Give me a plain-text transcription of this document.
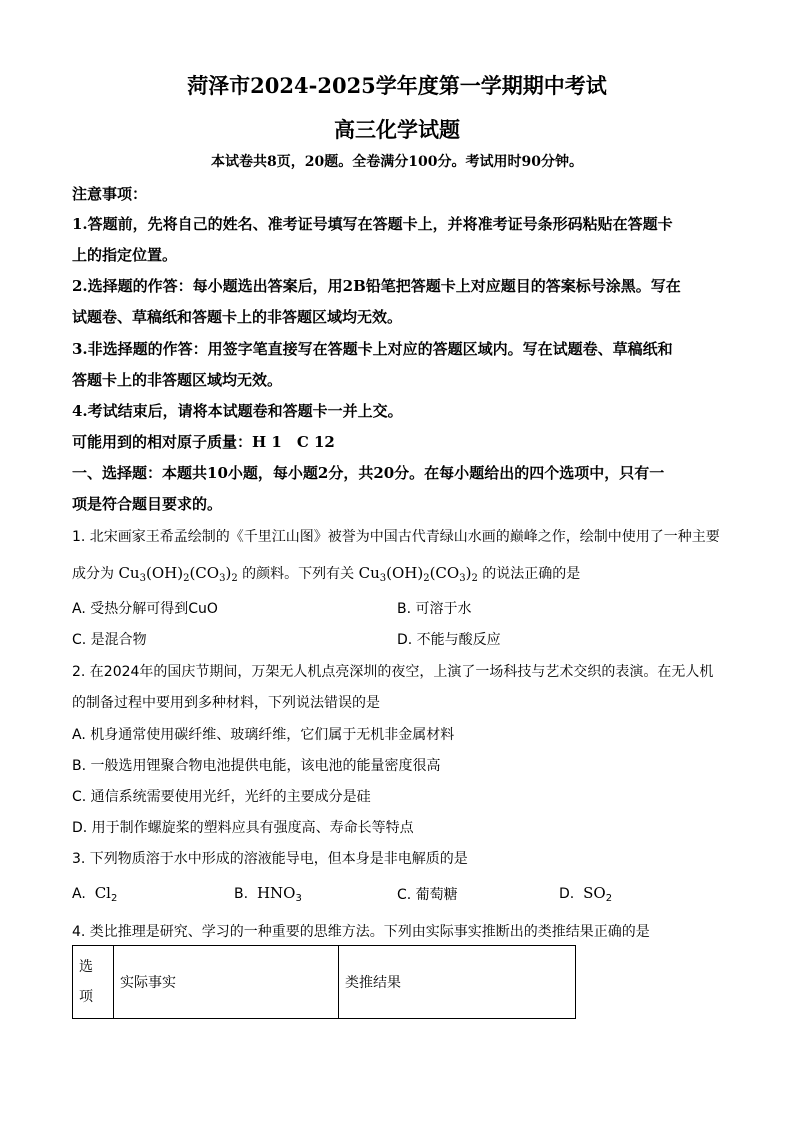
菏泽市2024-2025学年度第一学期期中考试
高三化学试题
本试卷共8页，20题。全卷满分100分。考试用时90分钟。
注意事项：
1.答题前，先将自己的姓名、准考证号填写在答题卡上，并将准考证号条形码粘贴在答题卡
上的指定位置。
2.选择题的作答：每小题选出答案后，用2B铅笔把答题卡上对应题目的答案标号涂黑。写在
试题卷、草稿纸和答题卡上的非答题区域均无效。
3.非选择题的作答：用签字笔直接写在答题卡上对应的答题区域内。写在试题卷、草稿纸和
答题卡上的非答题区域均无效。
4.考试结束后，请将本试题卷和答题卡一并上交。
可能用到的相对原子质量：H 1　C 12
一、选择题：本题共10小题，每小题2分，共20分。在每小题给出的四个选项中，只有一
项是符合题目要求的。
1. 北宋画家王希孟绘制的《千里江山图》被誉为中国古代青绿山水画的巅峰之作，绘制中使用了一种主要
成分为 $Cu_3(OH)_2(CO_3)_2$ 的颜料。下列有关 $Cu_3(OH)_2(CO_3)_2$ 的说法正确的是
A. 受热分解可得到CuO	B. 可溶于水
C. 是混合物	D. 不能与酸反应
2. 在2024年的国庆节期间，万架无人机点亮深圳的夜空，上演了一场科技与艺术交织的表演。在无人机
的制备过程中要用到多种材料，下列说法错误的是
A. 机身通常使用碳纤维、玻璃纤维，它们属于无机非金属材料
B. 一般选用锂聚合物电池提供电能，该电池的能量密度很高
C. 通信系统需要使用光纤，光纤的主要成分是硅
D. 用于制作螺旋桨的塑料应具有强度高、寿命长等特点
3. 下列物质溶于水中形成的溶液能导电，但本身是非电解质的是
A. $Cl_2$	B. $HNO_3$	C. 葡萄糖	D. $SO_2$
4. 类比推理是研究、学习的一种重要的思维方法。下列由实际事实推断出的类推结果正确的是
选
项
	实际事实	类推结果
